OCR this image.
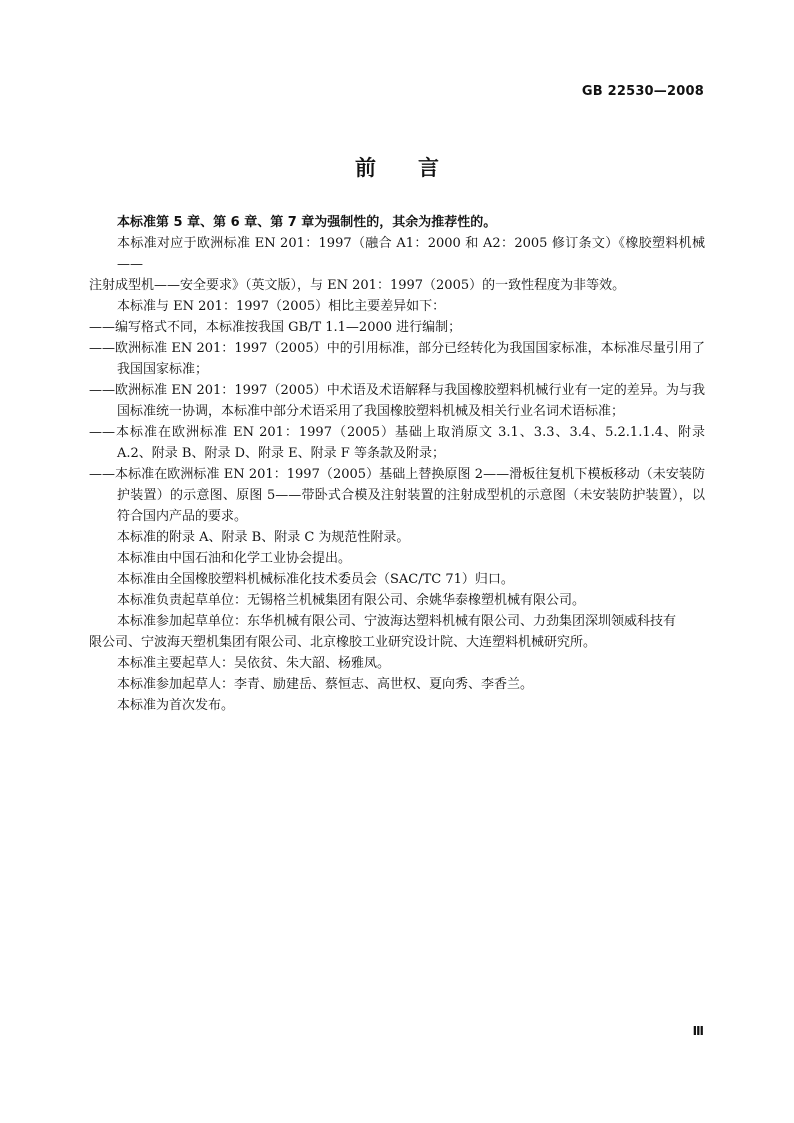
GB 22530—2008
前言

本标准第 5 章、第 6 章、第 7 章为强制性的，其余为推荐性的。

本标准对应于欧洲标准 EN 201：1997（融合 A1：2000 和 A2：2005 修订条文）《橡胶塑料机械——

注射成型机——安全要求》（英文版），与 EN 201：1997（2005）的一致性程度为非等效。

本标准与 EN 201：1997（2005）相比主要差异如下：

——编写格式不同，本标准按我国 GB/T 1.1—2000 进行编制；

——欧洲标准 EN 201：1997（2005）中的引用标准，部分已经转化为我国国家标准，本标准尽量引用了我国国家标准；

——欧洲标准 EN 201：1997（2005）中术语及术语解释与我国橡胶塑料机械行业有一定的差异。为与我国标准统一协调，本标准中部分术语采用了我国橡胶塑料机械及相关行业名词术语标准；

——本标准在欧洲标准 EN 201：1997（2005）基础上取消原文 3.1、3.3、3.4、5.2.1.1.4、附录 A.2、附录 B、附录 D、附录 E、附录 F 等条款及附录；

——本标准在欧洲标准 EN 201：1997（2005）基础上替换原图 2——滑板往复机下模板移动（未安装防护装置）的示意图、原图 5——带卧式合模及注射装置的注射成型机的示意图（未安装防护装置），以符合国内产品的要求。

本标准的附录 A、附录 B、附录 C 为规范性附录。

本标准由中国石油和化学工业协会提出。

本标准由全国橡胶塑料机械标准化技术委员会（SAC/TC 71）归口。

本标准负责起草单位：无锡格兰机械集团有限公司、余姚华泰橡塑机械有限公司。

本标准参加起草单位：东华机械有限公司、宁波海达塑料机械有限公司、力劲集团深圳领威科技有

限公司、宁波海天塑机集团有限公司、北京橡胶工业研究设计院、大连塑料机械研究所。

本标准主要起草人：吴依贫、朱大韶、杨雅凤。

本标准参加起草人：李青、励建岳、蔡恒志、高世权、夏向秀、李香兰。

本标准为首次发布。

Ⅲ
